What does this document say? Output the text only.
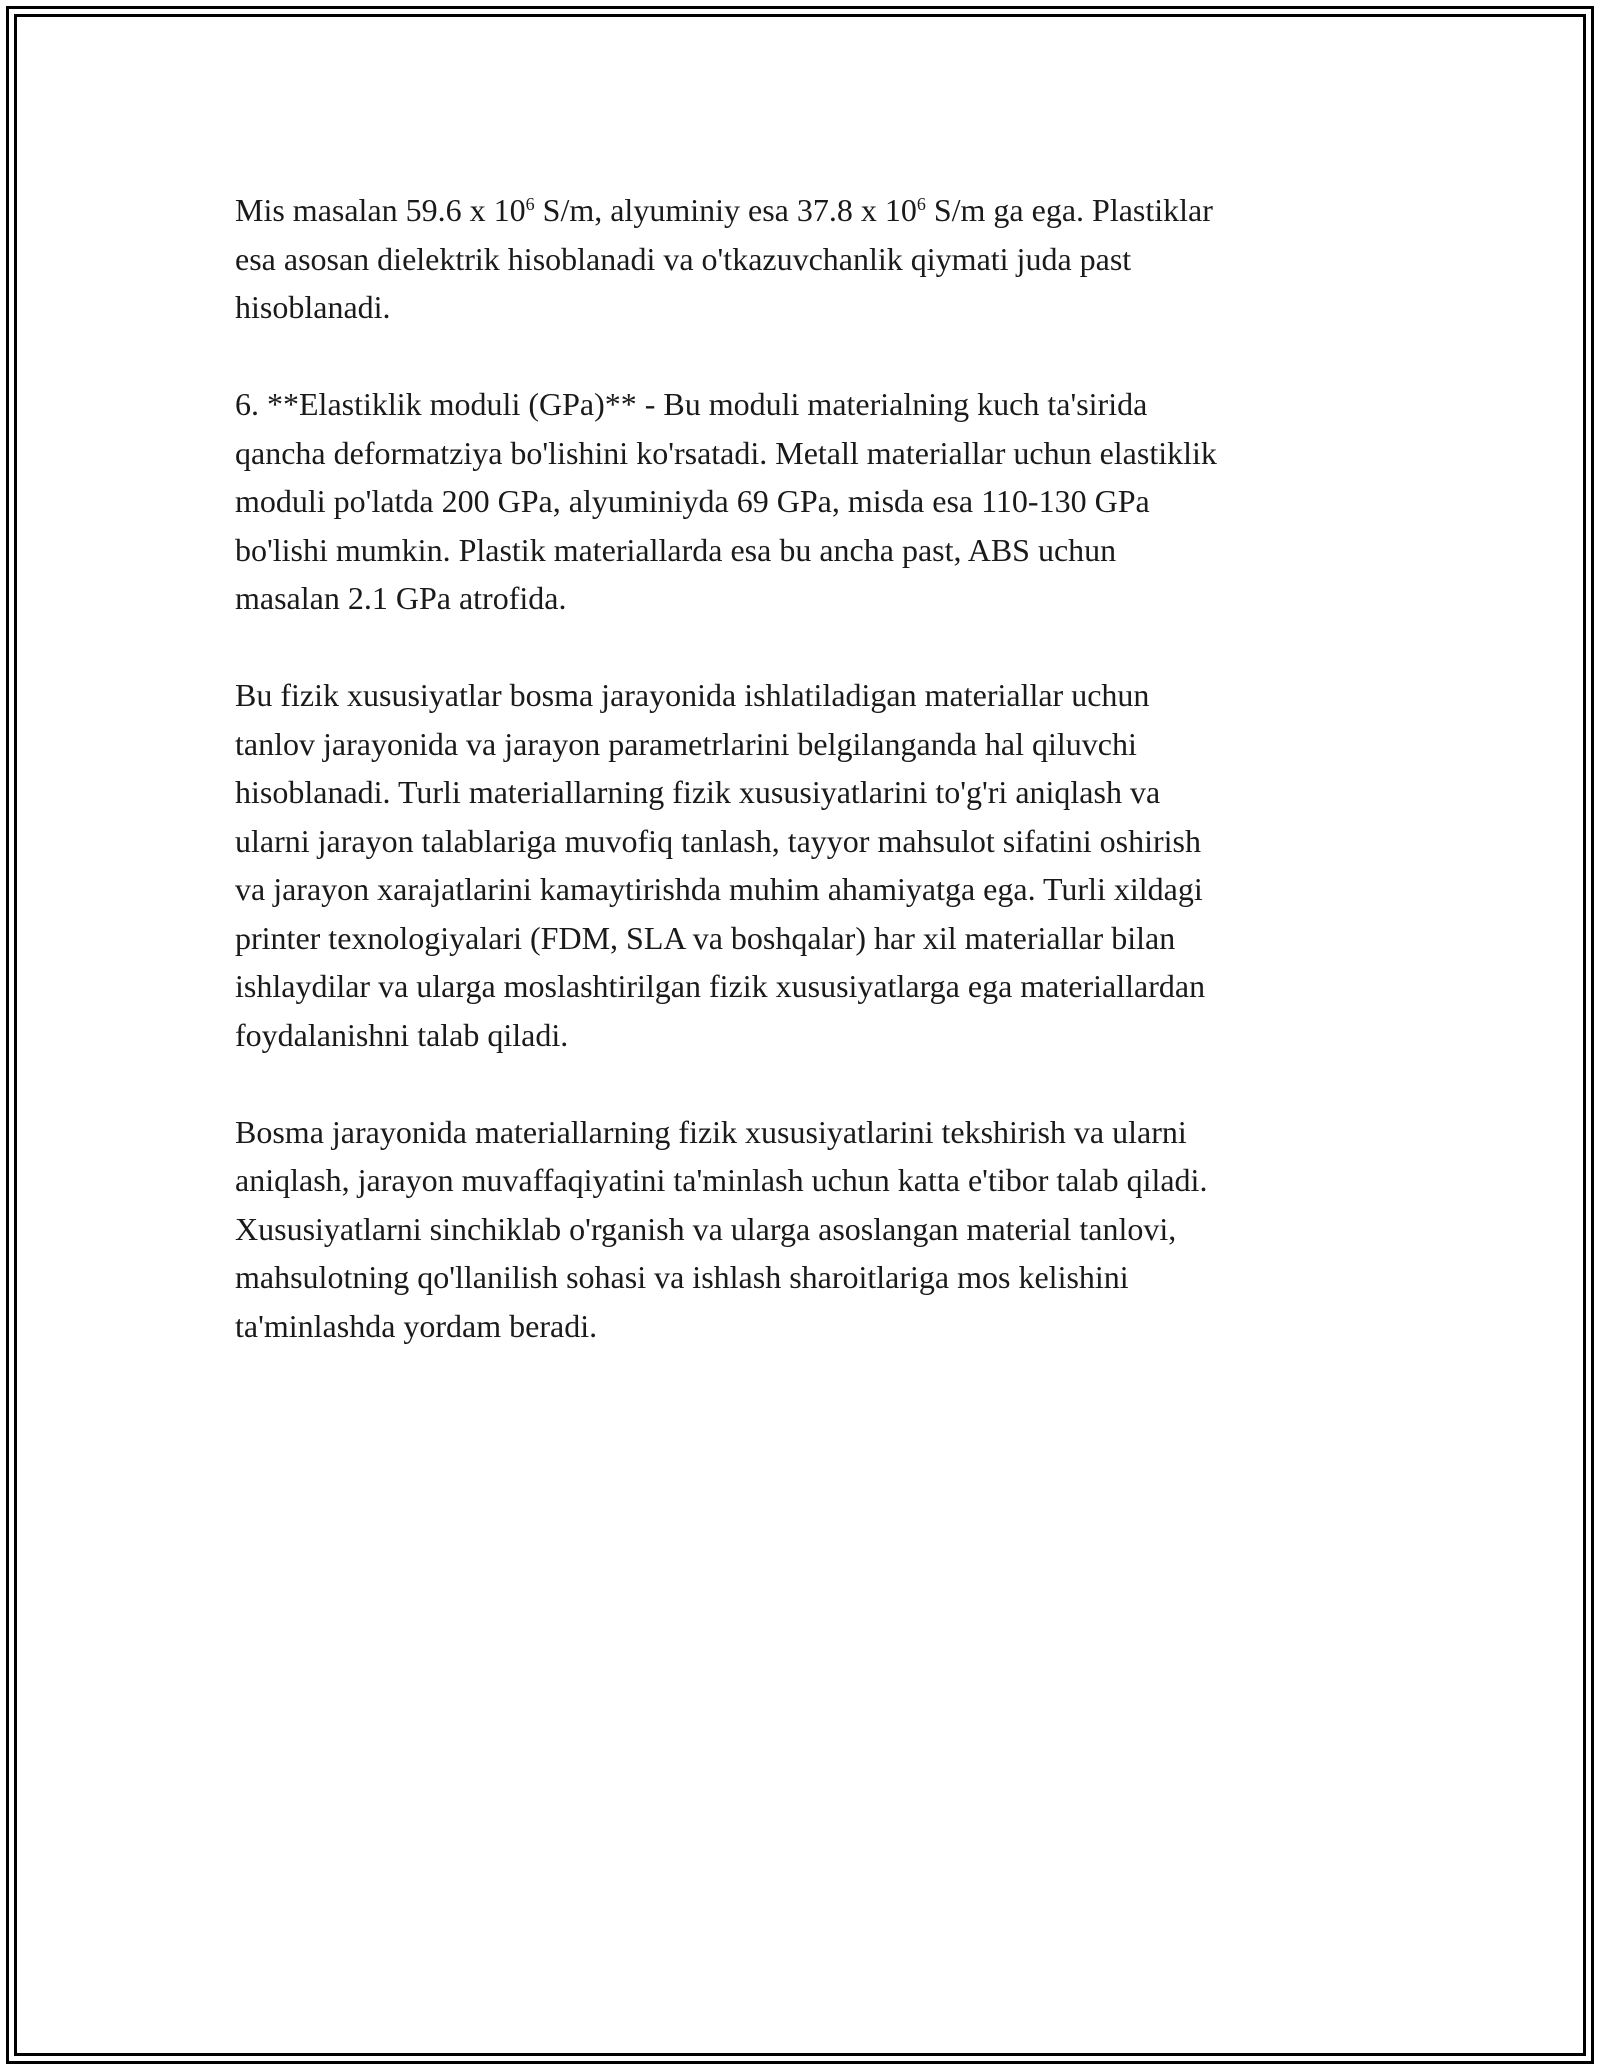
Mis masalan 59.6 x $10^6$ S/m, alyuminiy esa 37.8 x $10^6$ S/m ga ega. Plastiklar
esa asosan dielektrik hisoblanadi va o'tkazuvchanlik qiymati juda past
hisoblanadi.

6. **Elastiklik moduli (GPa)** - Bu moduli materialning kuch ta'sirida
qancha deformatziya bo'lishini ko'rsatadi. Metall materiallar uchun elastiklik
moduli po'latda 200 GPa, alyuminiyda 69 GPa, misda esa 110-130 GPa
bo'lishi mumkin. Plastik materiallarda esa bu ancha past, ABS uchun
masalan 2.1 GPa atrofida.

Bu fizik xususiyatlar bosma jarayonida ishlatiladigan materiallar uchun
tanlov jarayonida va jarayon parametrlarini belgilanganda hal qiluvchi
hisoblanadi. Turli materiallarning fizik xususiyatlarini to'g'ri aniqlash va
ularni jarayon talablariga muvofiq tanlash, tayyor mahsulot sifatini oshirish
va jarayon xarajatlarini kamaytirishda muhim ahamiyatga ega. Turli xildagi
printer texnologiyalari (FDM, SLA va boshqalar) har xil materiallar bilan
ishlaydilar va ularga moslashtirilgan fizik xususiyatlarga ega materiallardan
foydalanishni talab qiladi.

Bosma jarayonida materiallarning fizik xususiyatlarini tekshirish va ularni
aniqlash, jarayon muvaffaqiyatini ta'minlash uchun katta e'tibor talab qiladi.
Xususiyatlarni sinchiklab o'rganish va ularga asoslangan material tanlovi,
mahsulotning qo'llanilish sohasi va ishlash sharoitlariga mos kelishini
ta'minlashda yordam beradi.
